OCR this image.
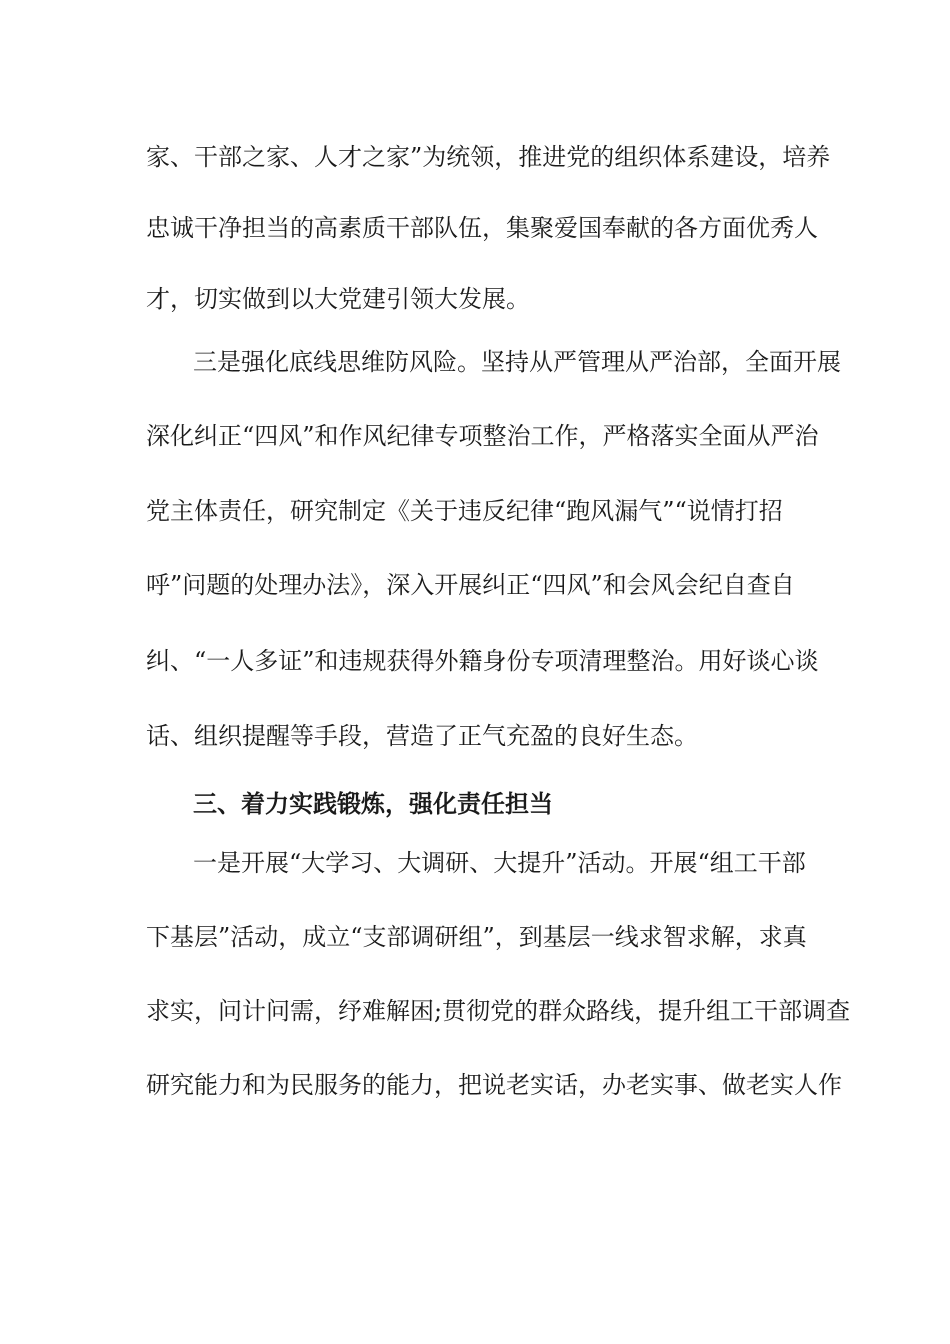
家、干部之家、人才之家”为统领，推进党的组织体系建设，培养
忠诚干净担当的高素质干部队伍，集聚爱国奉献的各方面优秀人
才，切实做到以大党建引领大发展。
三是强化底线思维防风险。坚持从严管理从严治部，全面开展
深化纠正“四风”和作风纪律专项整治工作，严格落实全面从严治
党主体责任，研究制定《关于违反纪律“跑风漏气”“说情打招
呼”问题的处理办法》，深入开展纠正“四风”和会风会纪自查自
纠、“一人多证”和违规获得外籍身份专项清理整治。用好谈心谈
话、组织提醒等手段，营造了正气充盈的良好生态。
三、着力实践锻炼，强化责任担当
一是开展“大学习、大调研、大提升”活动。开展“组工干部
下基层”活动，成立“支部调研组”，到基层一线求智求解，求真
求实，问计问需，纾难解困;贯彻党的群众路线，提升组工干部调查
研究能力和为民服务的能力，把说老实话，办老实事、做老实人作
